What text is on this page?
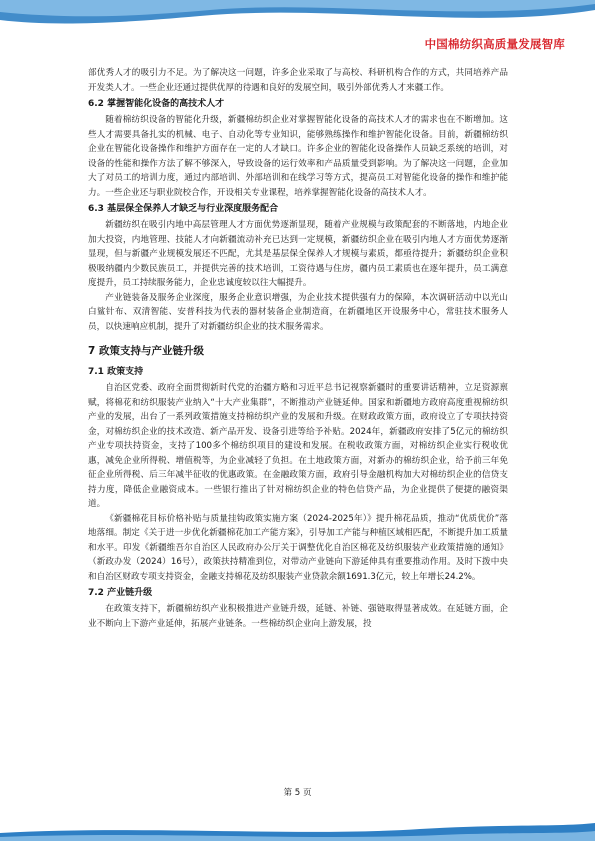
中国棉纺织高质量发展智库

部优秀人才的吸引力不足。为了解决这一问题，许多企业采取了与高校、科研机构合作的方式，共同培养产品开发类人才。一些企业还通过提供优厚的待遇和良好的发展空间，吸引外部优秀人才来疆工作。

6.2 掌握智能化设备的高技术人才

随着棉纺织设备的智能化升级，新疆棉纺织企业对掌握智能化设备的高技术人才的需求也在不断增加。这些人才需要具备扎实的机械、电子、自动化等专业知识，能够熟练操作和维护智能化设备。目前，新疆棉纺织企业在智能化设备操作和维护方面存在一定的人才缺口。许多企业的智能化设备操作人员缺乏系统的培训，对设备的性能和操作方法了解不够深入，导致设备的运行效率和产品质量受到影响。为了解决这一问题，企业加大了对员工的培训力度，通过内部培训、外部培训和在线学习等方式，提高员工对智能化设备的操作和维护能力。一些企业还与职业院校合作，开设相关专业课程，培养掌握智能化设备的高技术人才。

6.3 基层保全保养人才缺乏与行业深度服务配合

新疆纺织在吸引内地中高层管理人才方面优势逐渐显现，随着产业规模与政策配套的不断落地，内地企业加大投资，内地管理、技能人才向新疆流动补充已达到一定规模，新疆纺织企业在吸引内地人才方面优势逐渐显现，但与新疆产业规模发展还不匹配，尤其是基层保全保养人才规模与素质，都亟待提升；新疆纺织企业积极吸纳疆内少数民族员工，并提供完善的技术培训，工资待遇与住房，疆内员工素质也在逐年提升，员工满意度提升，员工持续服务能力，企业忠诚度较以往大幅提升。

产业链装备及服务企业深度，服务企业意识增强，为企业技术提供强有力的保障，本次调研活动中以光山白鲨针布、双清智能、安普科技为代表的器材装备企业制造商，在新疆地区开设服务中心，常驻技术服务人员，以快速响应机制，提升了对新疆纺织企业的技术服务需求。

7 政策支持与产业链升级
7.1 政策支持

自治区党委、政府全面贯彻新时代党的治疆方略和习近平总书记视察新疆时的重要讲话精神，立足资源禀赋，将棉花和纺织服装产业纳入“十大产业集群”，不断推动产业链延伸。国家和新疆地方政府高度重视棉纺织产业的发展，出台了一系列政策措施支持棉纺织产业的发展和升级。在财政政策方面，政府设立了专项扶持资金，对棉纺织企业的技术改造、新产品开发、设备引进等给予补贴。2024年，新疆政府安排了5亿元的棉纺织产业专项扶持资金，支持了100多个棉纺织项目的建设和发展。在税收政策方面，对棉纺织企业实行税收优惠，减免企业所得税、增值税等，为企业减轻了负担。在土地政策方面，对新办的棉纺织企业，给予前三年免征企业所得税、后三年减半征收的优惠政策。在金融政策方面，政府引导金融机构加大对棉纺织企业的信贷支持力度，降低企业融资成本。一些银行推出了针对棉纺织企业的特色信贷产品，为企业提供了便捷的融资渠道。

《新疆棉花目标价格补贴与质量挂钩政策实施方案（2024-2025年）》提升棉花品质，推动“优质优价”落地落细。制定《关于进一步优化新疆棉花加工产能方案》，引导加工产能与种植区域相匹配，不断提升加工质量和水平。印发《新疆维吾尔自治区人民政府办公厅关于调整优化自治区棉花及纺织服装产业政策措施的通知》（新政办发（2024）16号），政策扶持精准到位，对带动产业链向下游延伸具有重要推动作用。及时下拨中央和自治区财政专项支持资金，金融支持棉花及纺织服装产业贷款余额1691.3亿元，较上年增长24.2%。

7.2 产业链升级

在政策支持下，新疆棉纺织产业积极推进产业链升级，延链、补链、强链取得显著成效。在延链方面，企业不断向上下游产业延伸，拓展产业链条。一些棉纺织企业向上游发展，投

第 5 页
